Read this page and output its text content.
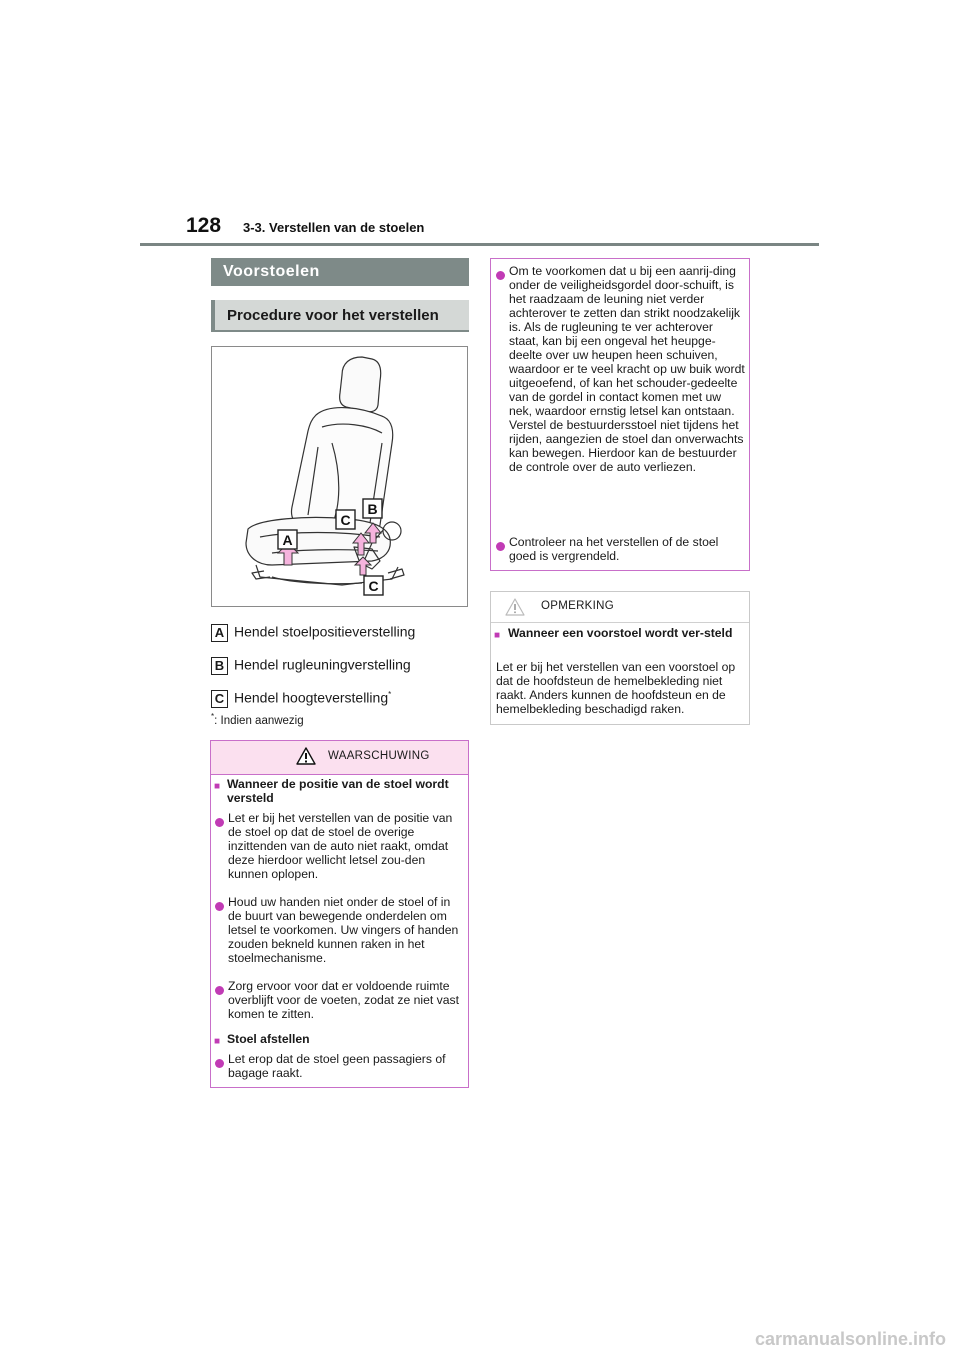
128 3-3. Verstellen van de stoelen
Voorstoelen
Procedure voor het verstellen
C
B
A
C
A Hendel stoelpositieverstelling
B Hendel rugleuningverstelling
C Hendel hoogteverstelling*
*: Indien aanwezig
WAARSCHUWING
■ Wanneer de positie van de stoel wordt versteld
Let er bij het verstellen van de positie van de stoel op dat de stoel de overige inzittenden van de auto niet raakt, omdat deze hierdoor wellicht letsel zou-den kunnen oplopen.
Houd uw handen niet onder de stoel of in de buurt van bewegende onderdelen om letsel te voorkomen. Uw vingers of handen zouden bekneld kunnen raken in het stoelmechanisme.
Zorg ervoor voor dat er voldoende ruimte overblijft voor de voeten, zodat ze niet vast komen te zitten.
■ Stoel afstellen
Let erop dat de stoel geen passagiers of bagage raakt.
Om te voorkomen dat u bij een aanrij-ding onder de veiligheidsgordel door-schuift, is het raadzaam de leuning niet verder achterover te zetten dan strikt noodzakelijk is. Als de rugleuning te ver achterover staat, kan bij een ongeval het heupge-deelte over uw heupen heen schuiven, waardoor er te veel kracht op uw buik wordt uitgeoefend, of kan het schouder-gedeelte van de gordel in contact komen met uw nek, waardoor ernstig letsel kan ontstaan. Verstel de bestuurdersstoel niet tijdens het rijden, aangezien de stoel dan onverwachts kan bewegen. Hierdoor kan de bestuurder de controle over de auto verliezen.
Controleer na het verstellen of de stoel goed is vergrendeld.
OPMERKING
■ Wanneer een voorstoel wordt ver-steld
Let er bij het verstellen van een voorstoel op dat de hoofdsteun de hemelbekleding niet raakt. Anders kunnen de hoofdsteun en de hemelbekleding beschadigd raken.
carmanualsonline.info
